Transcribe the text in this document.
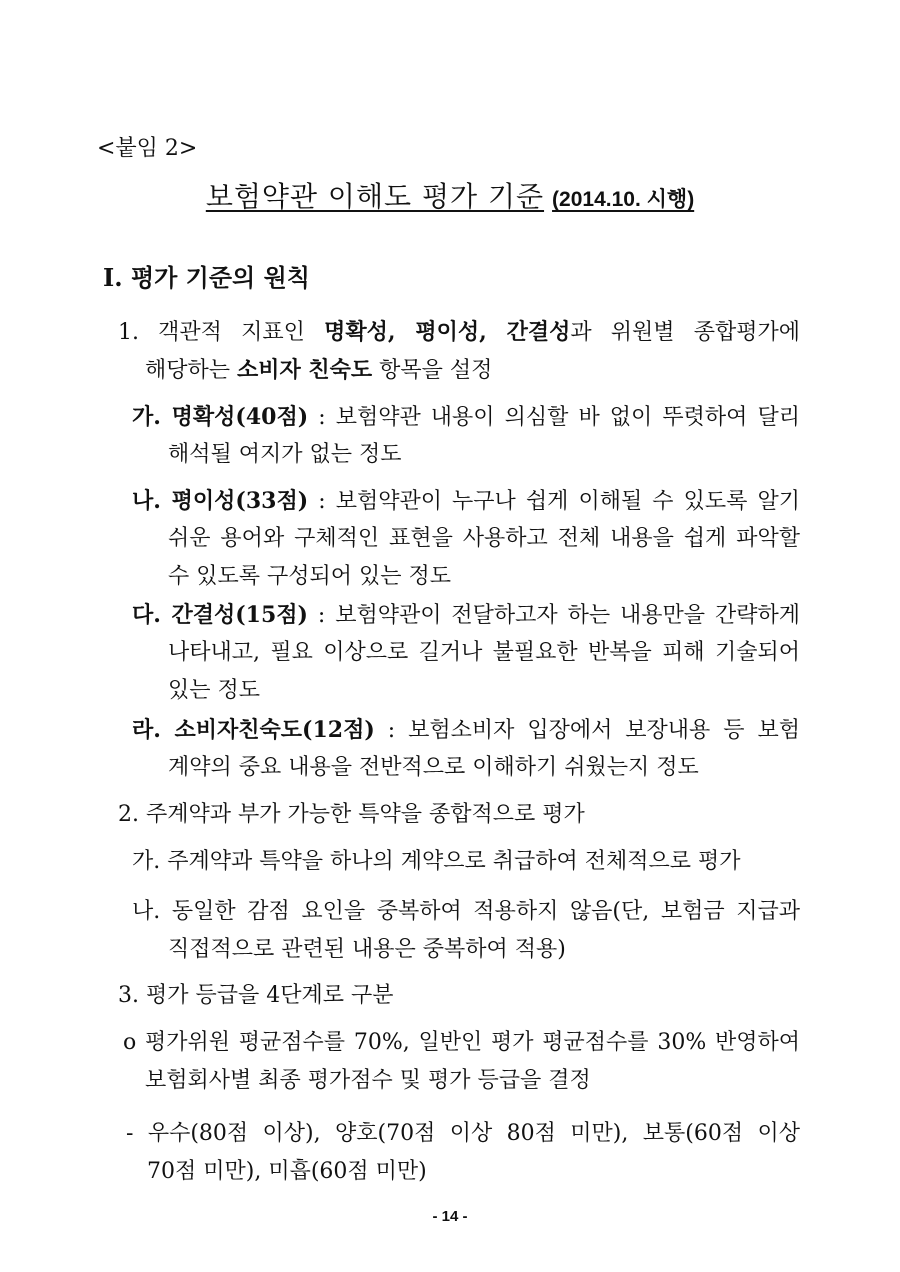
<붙임 2>
보험약관 이해도 평가 기준 (2014.10. 시행)
Ⅰ. 평가 기준의 원칙
1. 객관적 지표인 명확성, 평이성, 간결성과 위원별 종합평가에
해당하는 소비자 친숙도 항목을 설정
가. 명확성(40점) : 보험약관 내용이 의심할 바 없이 뚜렷하여 달리
해석될 여지가 없는 정도
나. 평이성(33점) : 보험약관이 누구나 쉽게 이해될 수 있도록 알기
쉬운 용어와 구체적인 표현을 사용하고 전체 내용을 쉽게 파악할
수 있도록 구성되어 있는 정도
다. 간결성(15점) : 보험약관이 전달하고자 하는 내용만을 간략하게
나타내고, 필요 이상으로 길거나 불필요한 반복을 피해 기술되어
있는 정도
라. 소비자친숙도(12점) : 보험소비자 입장에서 보장내용 등 보험
계약의 중요 내용을 전반적으로 이해하기 쉬웠는지 정도
2. 주계약과 부가 가능한 특약을 종합적으로 평가
가. 주계약과 특약을 하나의 계약으로 취급하여 전체적으로 평가
나. 동일한 감점 요인을 중복하여 적용하지 않음(단, 보험금 지급과
직접적으로 관련된 내용은 중복하여 적용)
3. 평가 등급을 4단계로 구분
o 평가위원 평균점수를 70%, 일반인 평가 평균점수를 30% 반영하여
보험회사별 최종 평가점수 및 평가 등급을 결정
- 우수(80점 이상), 양호(70점 이상 80점 미만), 보통(60점 이상
70점 미만), 미흡(60점 미만)
- 14 -
